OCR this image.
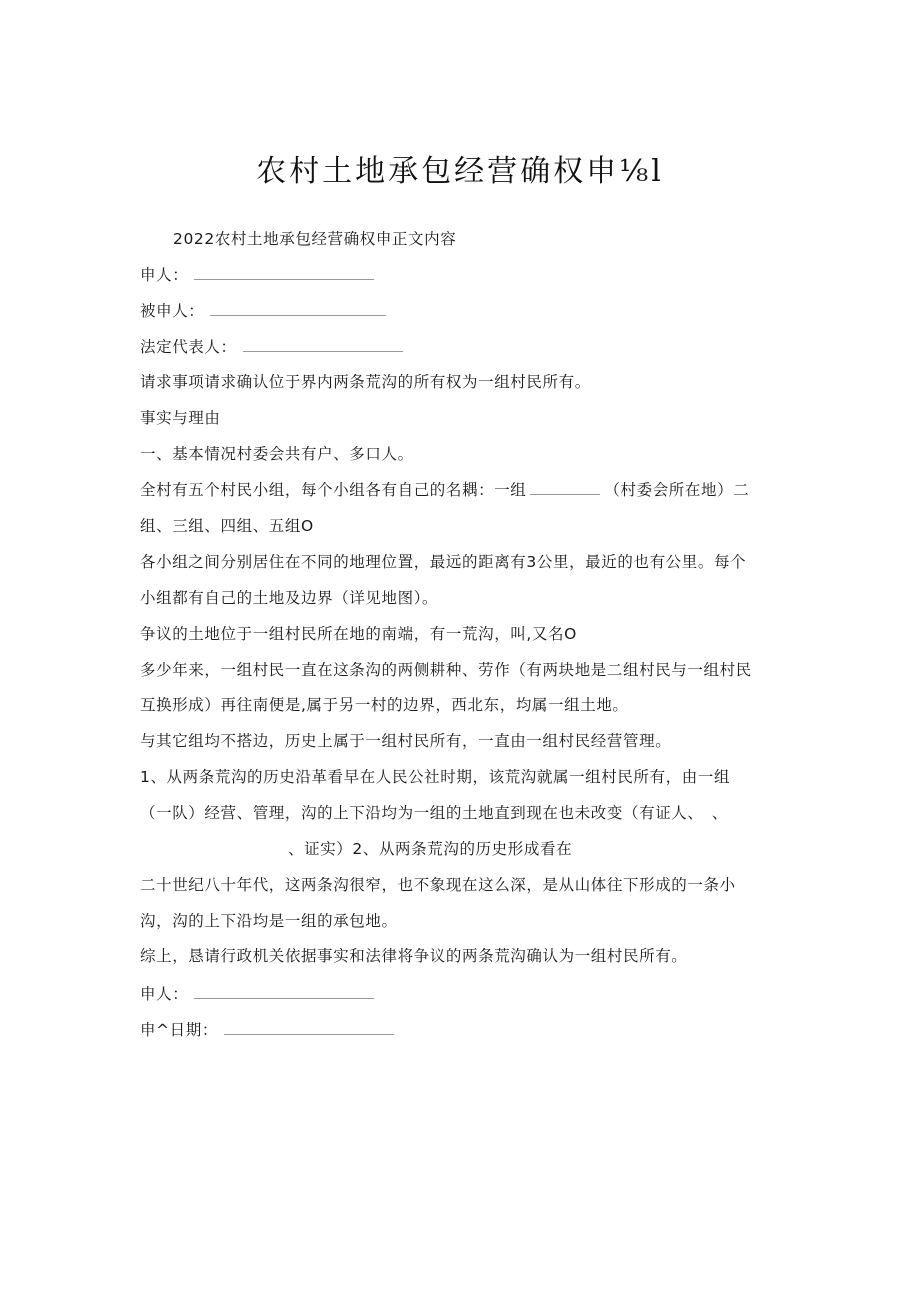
农村土地承包经营确权申⅛l
2022农村土地承包经营确权申正文内容
申人：
被申人：
法定代表人：
请求事项请求确认位于界内两条荒沟的所有权为一组村民所有。
事实与理由
一、基本情况村委会共有户、多口人。
全村有五个村民小组，每个小组各有自己的名耦：一组	（村委会所在地）二
组、三组、四组、五组O
各小组之间分别居住在不同的地理位置，最远的距离有3公里，最近的也有公里。每个
小组都有自己的土地及边界（详见地图）。
争议的土地位于一组村民所在地的南端，有一荒沟，叫,又名O
多少年来，一组村民一直在这条沟的两侧耕种、劳作（有两块地是二组村民与一组村民
互换形成）再往南便是,属于另一村的边界，西北东，均属一组土地。
与其它组均不搭边，历史上属于一组村民所有，一直由一组村民经营管理。
1、从两条荒沟的历史沿革看早在人民公社时期，该荒沟就属一组村民所有，由一组
（一队）经营、管理，沟的上下沿均为一组的土地直到现在也未改变（有证人、　、
、证实）2、从两条荒沟的历史形成看在
二十世纪八十年代，这两条沟很窄，也不象现在这么深，是从山体往下形成的一条小
沟，沟的上下沿均是一组的承包地。
综上，恳请行政机关依据事实和法律将争议的两条荒沟确认为一组村民所有。
申人：
申^日期：
